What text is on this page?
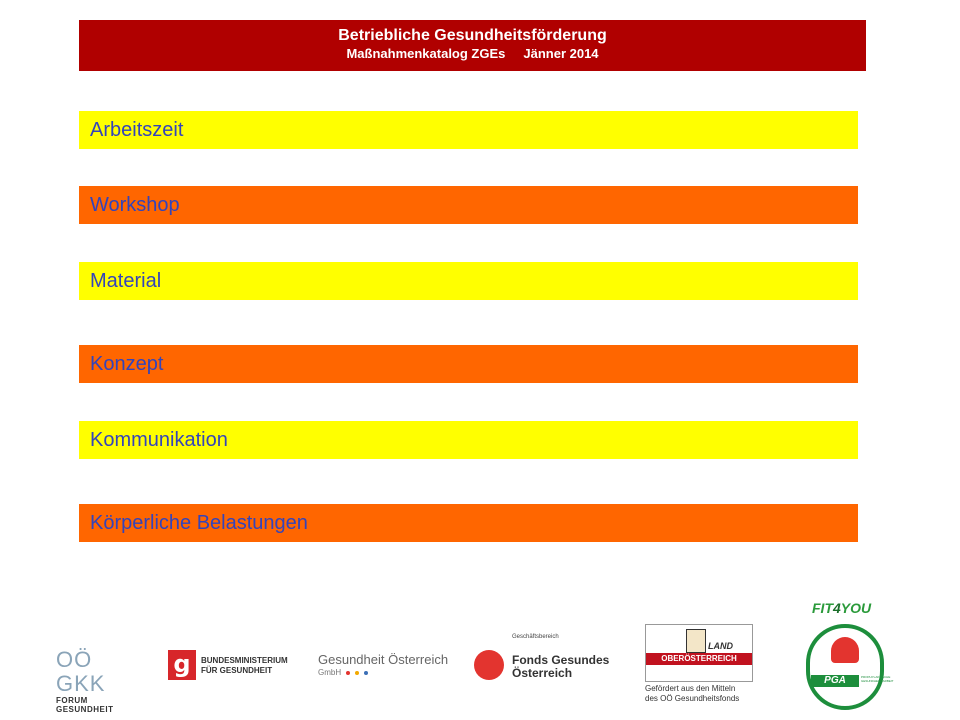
Betriebliche Gesundheitsförderung
Maßnahmenkatalog ZGEs Jänner 2014
Arbeitszeit
Workshop
Material
Konzept
Kommunikation
Körperliche Belastungen
OÖ GKK
FORUM GESUNDHEIT
g	BUNDESMINISTERIUM
FÜR GESUNDHEIT
Gesundheit Österreich
GmbH
Geschäftsbereich
Fonds Gesundes
Österreich
LAND
OBERÖSTERREICH
Gefördert aus den Mitteln
des OÖ Gesundheitsfonds
FIT4YOU
PGA	PROPHYLAKTISCHE GESUNDHEITSARBEIT
